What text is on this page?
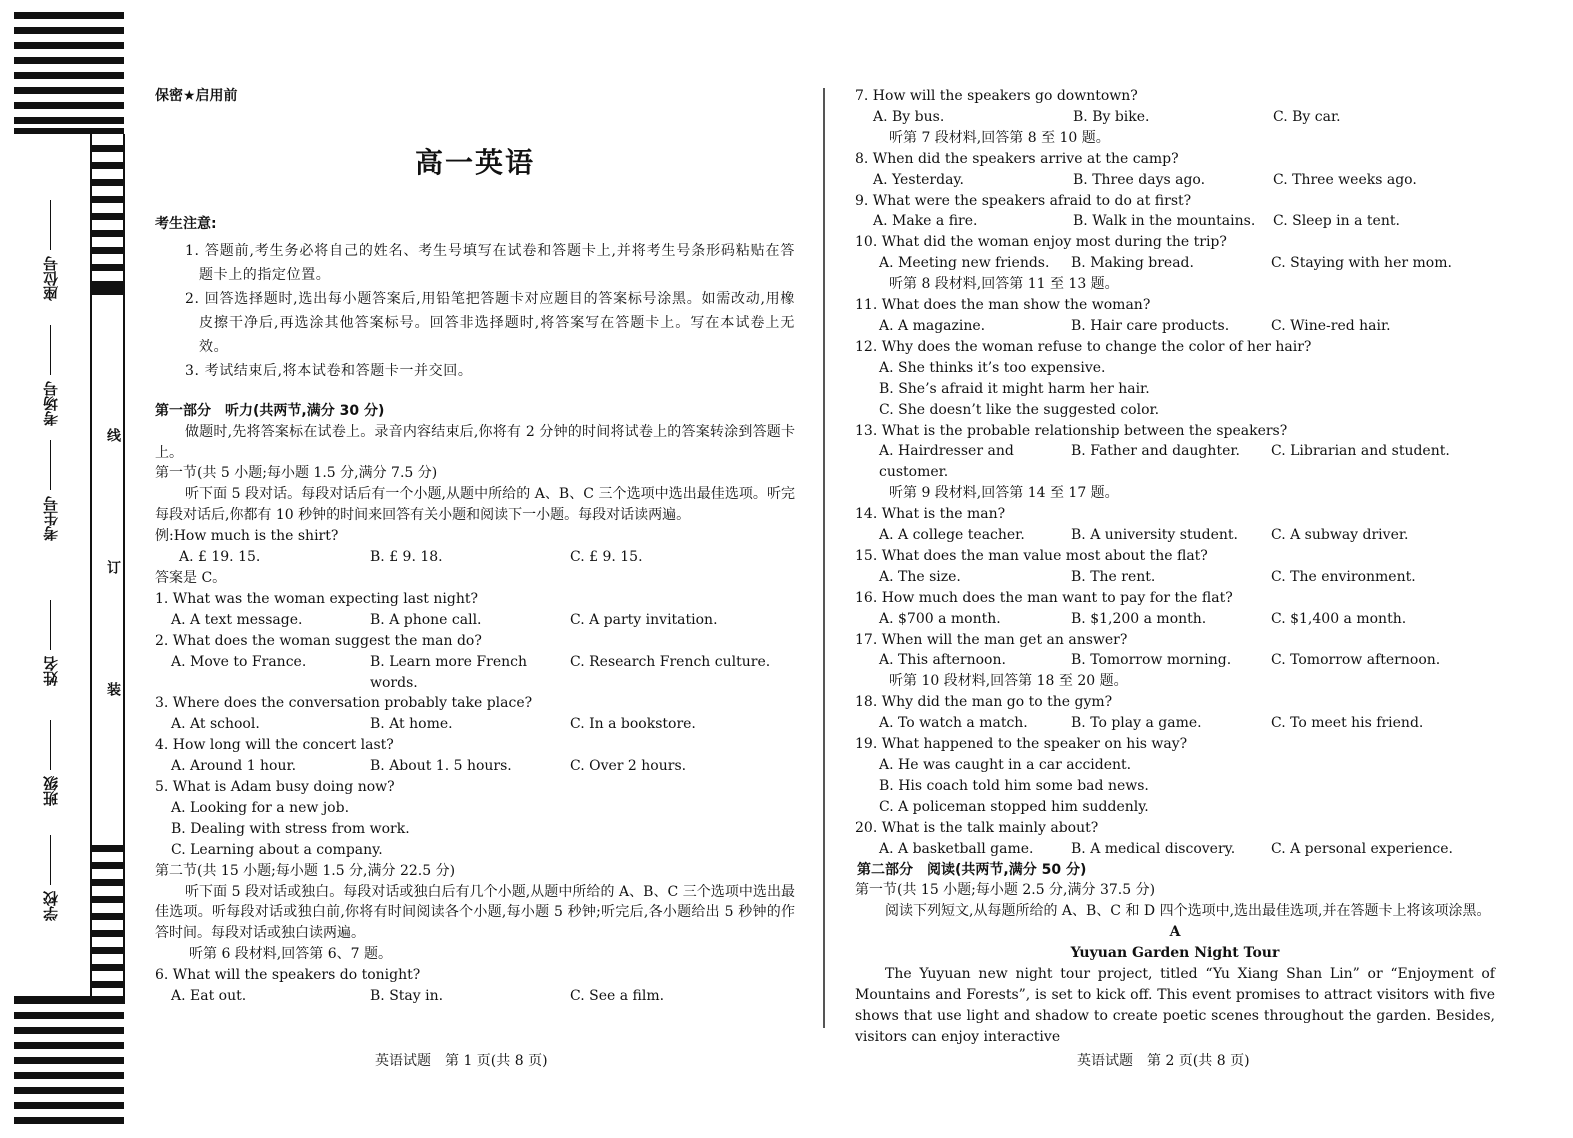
座位号
考场号
考生号
姓名
班级
学校
线
订
装
保密★启用前
高一英语
考生注意:
1. 答题前,考生务必将自己的姓名、考生号填写在试卷和答题卡上,并将考生号条形码粘贴在答题卡上的指定位置。
2. 回答选择题时,选出每小题答案后,用铅笔把答题卡对应题目的答案标号涂黑。如需改动,用橡皮擦干净后,再选涂其他答案标号。回答非选择题时,将答案写在答题卡上。写在本试卷上无效。
3. 考试结束后,将本试卷和答题卡一并交回。
第一部分　听力(共两节,满分 30 分)
做题时,先将答案标在试卷上。录音内容结束后,你将有 2 分钟的时间将试卷上的答案转涂到答题卡上。
第一节(共 5 小题;每小题 1.5 分,满分 7.5 分)
听下面 5 段对话。每段对话后有一个小题,从题中所给的 A、B、C 三个选项中选出最佳选项。听完每段对话后,你都有 10 秒钟的时间来回答有关小题和阅读下一小题。每段对话读两遍。
例:How much is the shirt?
A. £ 19. 15.	B. £ 9. 18.	C. £ 9. 15.
答案是 C。
1. What was the woman expecting last night?
A. A text message.	B. A phone call.	C. A party invitation.
2. What does the woman suggest the man do?
A. Move to France.	B. Learn more French words.
C. Research French culture.
3. Where does the conversation probably take place?
A. At school.	B. At home.	C. In a bookstore.
4. How long will the concert last?
A. Around 1 hour.	B. About 1. 5 hours.	C. Over 2 hours.
5. What is Adam busy doing now?
A. Looking for a new job.
B. Dealing with stress from work.
C. Learning about a company.
第二节(共 15 小题;每小题 1.5 分,满分 22.5 分)
听下面 5 段对话或独白。每段对话或独白后有几个小题,从题中所给的 A、B、C 三个选项中选出最佳选项。听每段对话或独白前,你将有时间阅读各个小题,每小题 5 秒钟;听完后,各小题给出 5 秒钟的作答时间。每段对话或独白读两遍。
听第 6 段材料,回答第 6、7 题。
6. What will the speakers do tonight?
A. Eat out.	B. Stay in.	C. See a film.
7. How will the speakers go downtown?
A. By bus.	B. By bike.	C. By car.
听第 7 段材料,回答第 8 至 10 题。
8. When did the speakers arrive at the camp?
A. Yesterday.	B. Three days ago.	C. Three weeks ago.
9. What were the speakers afraid to do at first?
A. Make a fire.	B. Walk in the mountains.	C. Sleep in a tent.
10. What did the woman enjoy most during the trip?
A. Meeting new friends.	B. Making bread.	C. Staying with her mom.
听第 8 段材料,回答第 11 至 13 题。
11. What does the man show the woman?
A. A magazine.	B. Hair care products.	C. Wine-red hair.
12. Why does the woman refuse to change the color of her hair?
A. She thinks it’s too expensive.
B. She’s afraid it might harm her hair.
C. She doesn’t like the suggested color.
13. What is the probable relationship between the speakers?
A. Hairdresser and customer.
B. Father and daughter.	C. Librarian and student.
听第 9 段材料,回答第 14 至 17 题。
14. What is the man?
A. A college teacher.	B. A university student.	C. A subway driver.
15. What does the man value most about the flat?
A. The size.	B. The rent.	C. The environment.
16. How much does the man want to pay for the flat?
A. $700 a month.	B. $1,200 a month.	C. $1,400 a month.
17. When will the man get an answer?
A. This afternoon.	B. Tomorrow morning.	C. Tomorrow afternoon.
听第 10 段材料,回答第 18 至 20 题。
18. Why did the man go to the gym?
A. To watch a match.	B. To play a game.	C. To meet his friend.
19. What happened to the speaker on his way?
A. He was caught in a car accident.
B. His coach told him some bad news.
C. A policeman stopped him suddenly.
20. What is the talk mainly about?
A. A basketball game.	B. A medical discovery.	C. A personal experience.
第二部分　阅读(共两节,满分 50 分)
第一节(共 15 小题;每小题 2.5 分,满分 37.5 分)
阅读下列短文,从每题所给的 A、B、C 和 D 四个选项中,选出最佳选项,并在答题卡上将该项涂黑。
A
Yuyuan Garden Night Tour
The Yuyuan new night tour project, titled “Yu Xiang Shan Lin” or “Enjoyment of Mountains and Forests”, is set to kick off. This event promises to attract visitors with five shows that use light and shadow to create poetic scenes throughout the garden. Besides, visitors can enjoy interactive
英语试题　第 1 页(共 8 页)	英语试题　第 2 页(共 8 页)
